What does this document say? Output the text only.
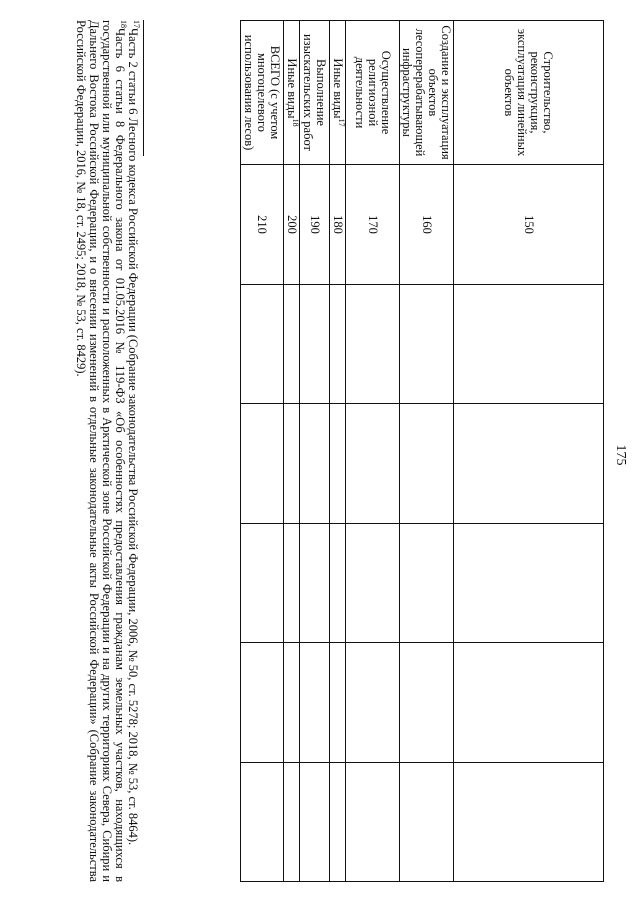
175
Строительство, реконструкция, эксплуатация линейных объектов	150					
Создание и эксплуатация объектов лесоперерабатывающей инфраструктуры	160					
Осуществление религиозной деятельности	170					
Иные виды$^{17}$	180					
Выполнение изыскательских работ	190					
Иные виды$^{18}$	200					
ВСЕГО (с учетом многоцелевого использования лесов)	210					

$^{17}$Часть 2 статьи 6 Лесного кодекса Российской Федерации (Собрание законодательства Российской Федерации, 2006, № 50, ст. 5278; 2018, № 53, ст. 8464).

$^{18}$Часть 6 статьи 8 Федерального закона от 01.05.2016 № 119-ФЗ «Об особенностях предоставления гражданам земельных участков, находящихся в государственной или муниципальной собственности и расположенных в Арктической зоне Российской Федерации и на других территориях Севера, Сибири и Дальнего Востока Российской Федерации, и о внесении изменений в отдельные законодательные акты Российской Федерации» (Собрание законодательства Российской Федерации, 2016, № 18, ст. 2495; 2018, № 53, ст. 8429).
